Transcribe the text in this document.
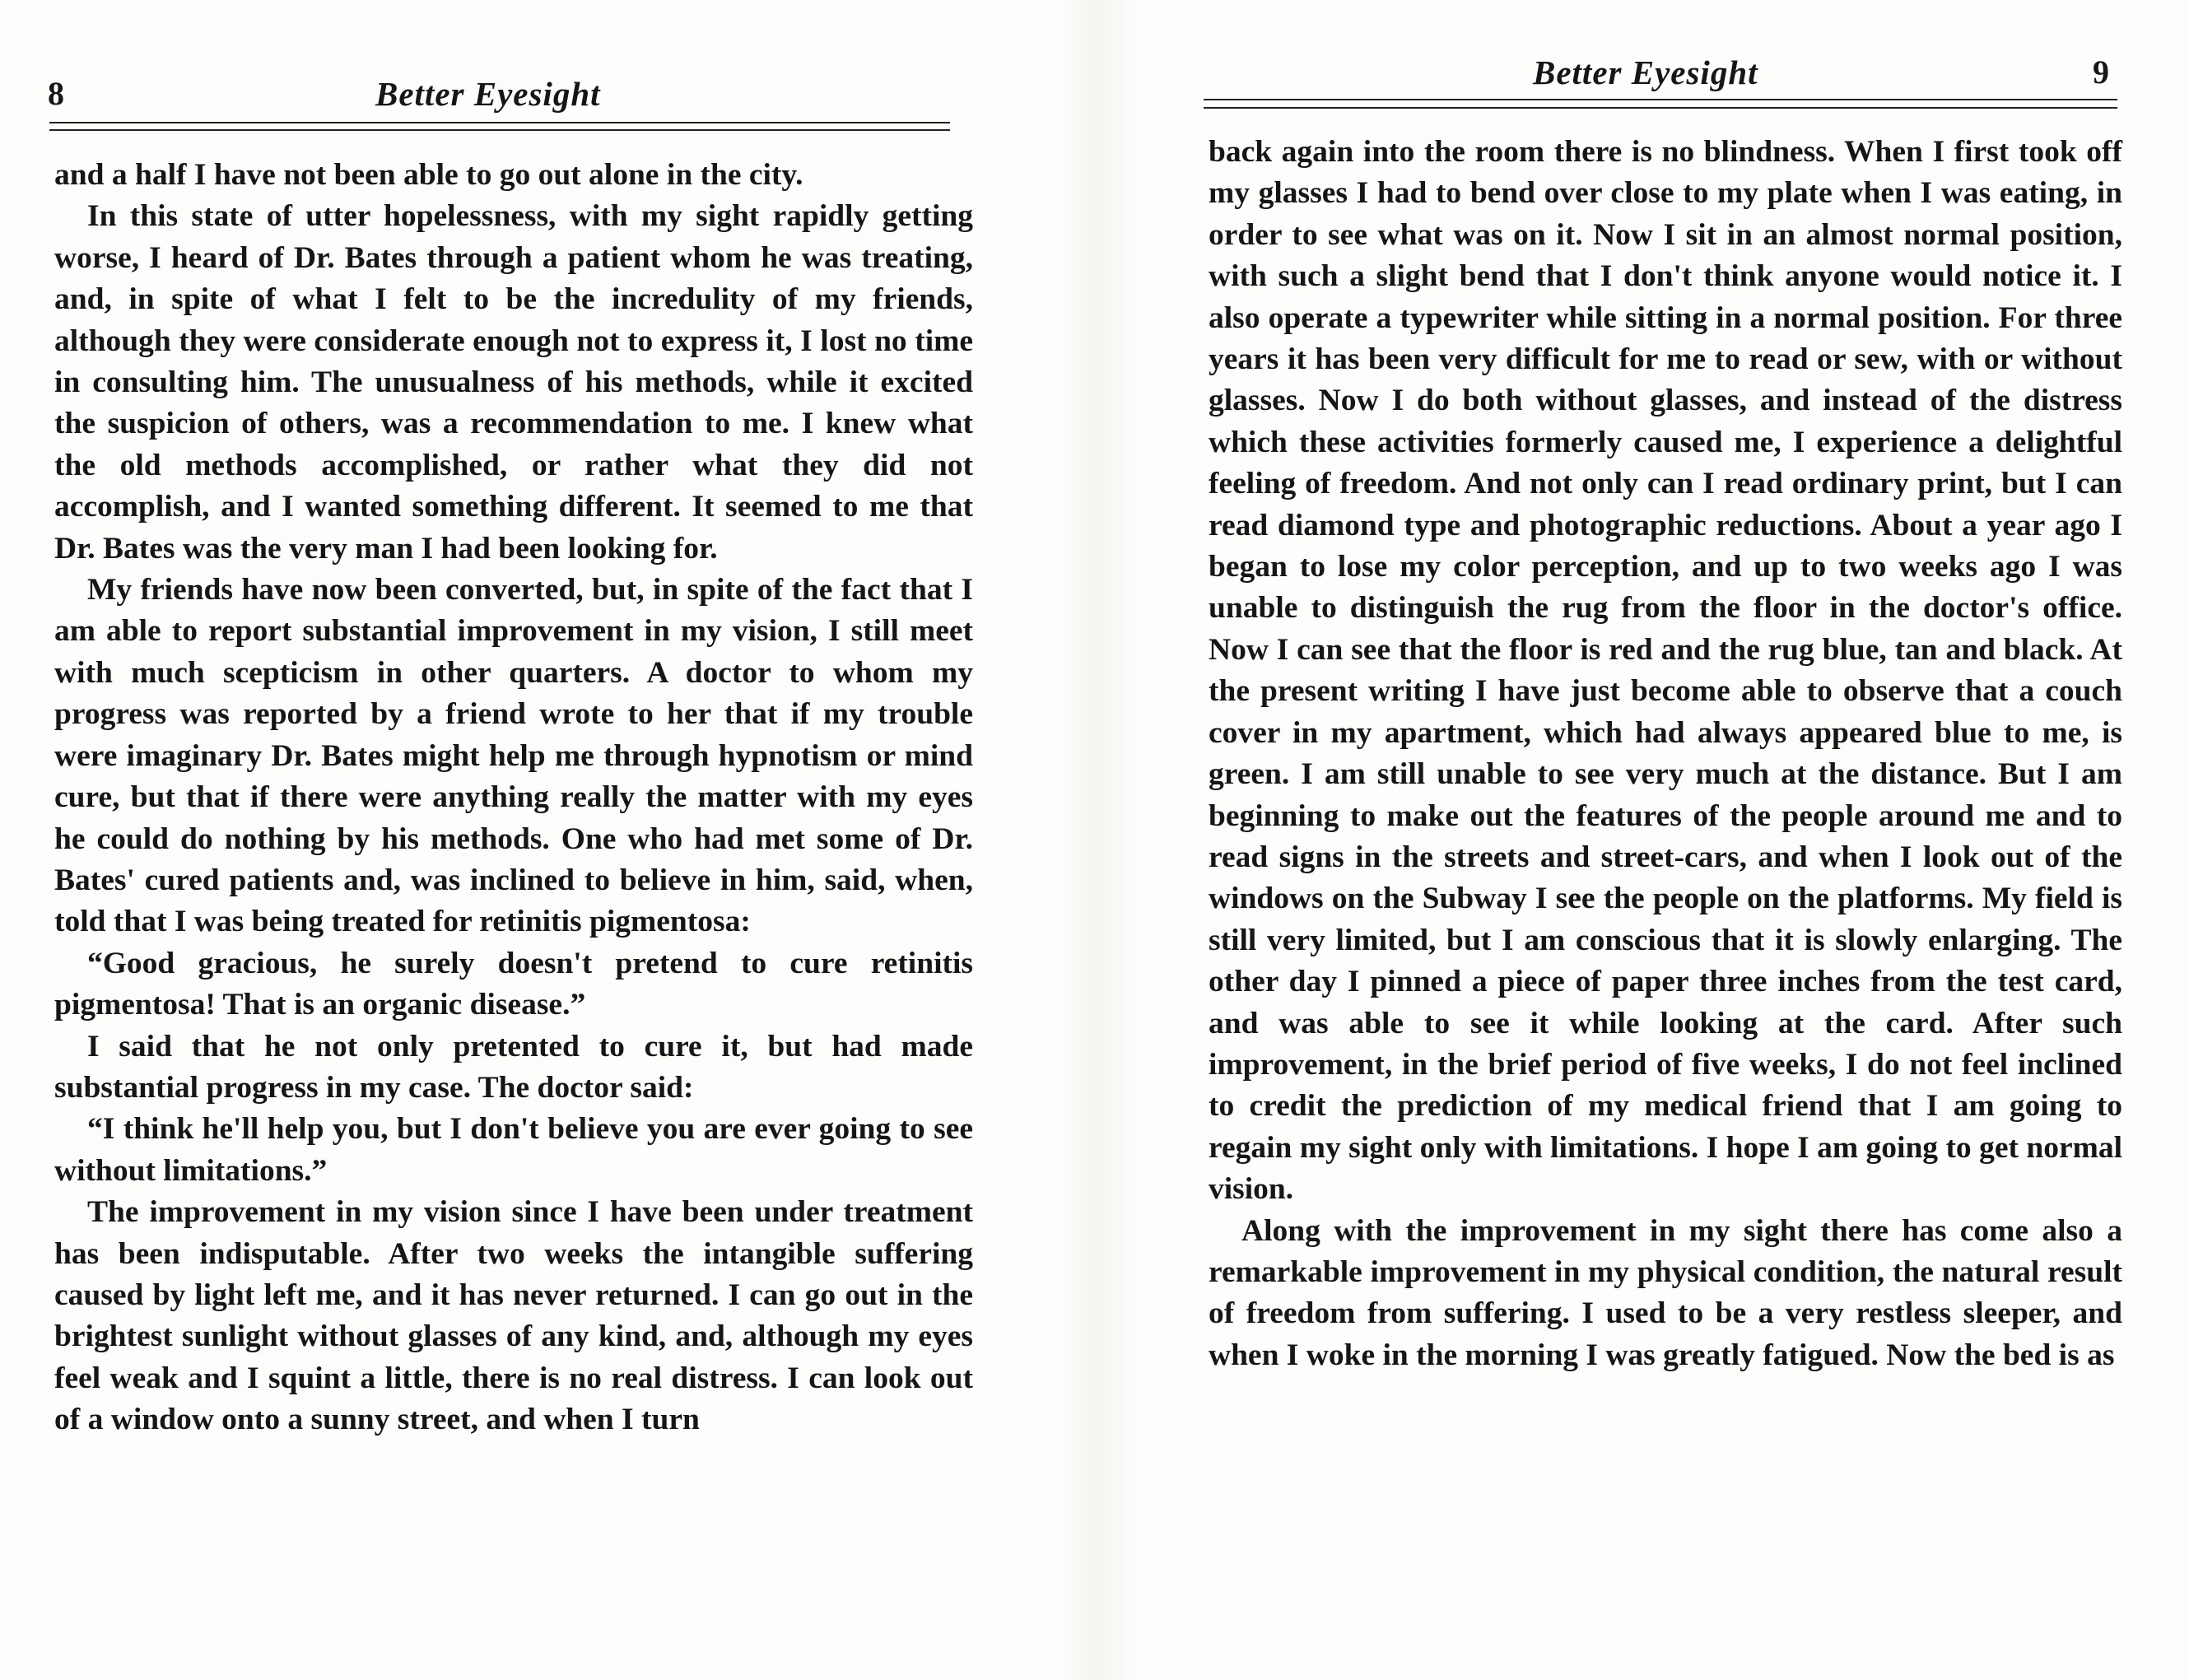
8	Better Eyesight

and a half I have not been able to go out alone in the city.

In this state of utter hopelessness, with my sight rapidly getting worse, I heard of Dr. Bates through a patient whom he was treating, and, in spite of what I felt to be the incredulity of my friends, although they were considerate enough not to express it, I lost no time in consulting him. The unusualness of his methods, while it excited the suspicion of others, was a recommendation to me. I knew what the old methods accomplished, or rather what they did not accomplish, and I wanted something different. It seemed to me that Dr. Bates was the very man I had been looking for.

My friends have now been converted, but, in spite of the fact that I am able to report substantial improvement in my vision, I still meet with much scepticism in other quarters. A doctor to whom my progress was reported by a friend wrote to her that if my trouble were imaginary Dr. Bates might help me through hypnotism or mind cure, but that if there were anything really the matter with my eyes he could do nothing by his methods. One who had met some of Dr. Bates' cured patients and, was inclined to believe in him, said, when, told that I was being treated for retinitis pigmentosa:

“Good gracious, he surely doesn't pretend to cure retinitis pigmentosa! That is an organic disease.”

I said that he not only pretented to cure it, but had made substantial progress in my case. The doctor said:

“I think he'll help you, but I don't believe you are ever going to see without limitations.”

The improvement in my vision since I have been under treatment has been indisputable. After two weeks the intangible suffering caused by light left me, and it has never returned. I can go out in the brightest sunlight without glasses of any kind, and, although my eyes feel weak and I squint a little, there is no real distress. I can look out of a window onto a sunny street, and when I turn

Better Eyesight	9

back again into the room there is no blindness. When I first took off my glasses I had to bend over close to my plate when I was eating, in order to see what was on it. Now I sit in an almost normal position, with such a slight bend that I don't think anyone would notice it. I also operate a typewriter while sitting in a normal position. For three years it has been very difficult for me to read or sew, with or without glasses. Now I do both without glasses, and instead of the distress which these activities formerly caused me, I experience a delightful feeling of freedom. And not only can I read ordinary print, but I can read diamond type and photographic reductions. About a year ago I began to lose my color perception, and up to two weeks ago I was unable to distinguish the rug from the floor in the doctor's office. Now I can see that the floor is red and the rug blue, tan and black. At the present writing I have just become able to observe that a couch cover in my apartment, which had always appeared blue to me, is green. I am still unable to see very much at the distance. But I am beginning to make out the features of the people around me and to read signs in the streets and street-cars, and when I look out of the windows on the Subway I see the people on the platforms. My field is still very limited, but I am conscious that it is slowly enlarging. The other day I pinned a piece of paper three inches from the test card, and was able to see it while looking at the card. After such improvement, in the brief period of five weeks, I do not feel inclined to credit the prediction of my medical friend that I am going to regain my sight only with limitations. I hope I am going to get normal vision.

Along with the improvement in my sight there has come also a remarkable improvement in my physical condition, the natural result of freedom from suffering. I used to be a very restless sleeper, and when I woke in the morning I was greatly fatigued. Now the bed is as
